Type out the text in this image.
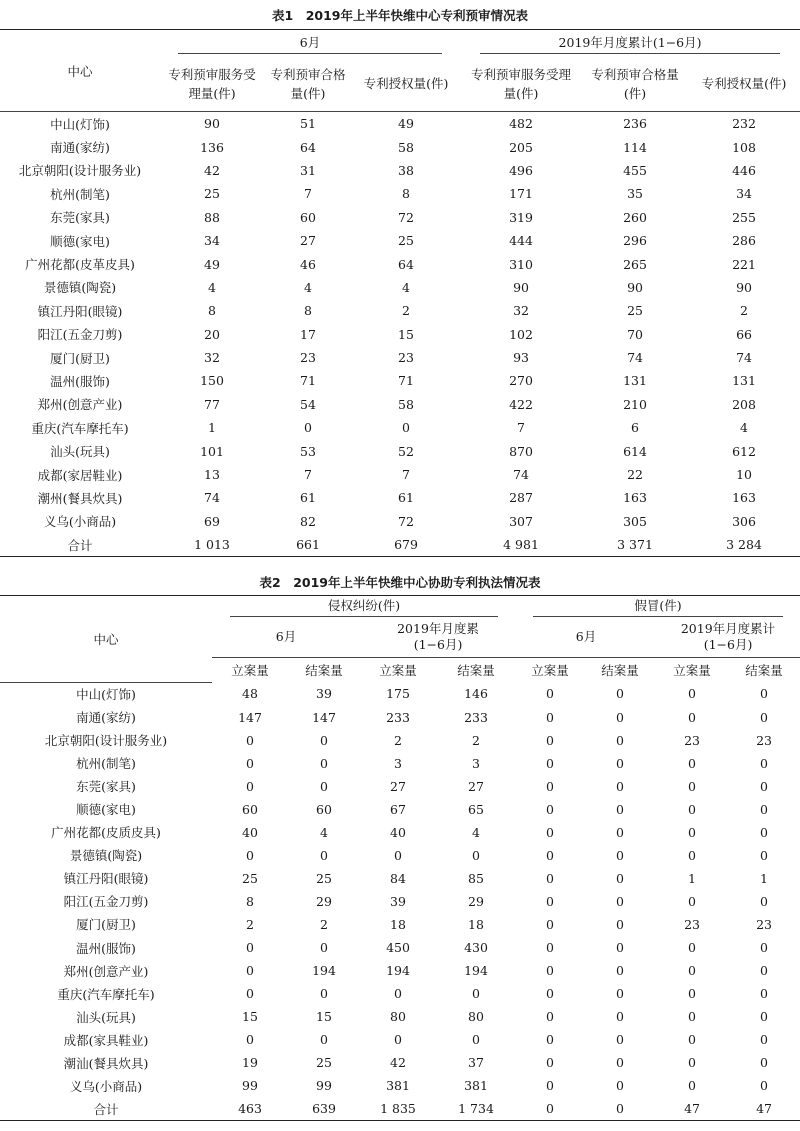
表1　2019年上半年快维中心专利预审情况表
中心	6月			2019年月度累计(1−6月)		
	专利预审服务受理量(件)	专利预审合格量(件)	专利授权量(件)	专利预审服务受理量(件)	专利预审合格量(件)	专利授权量(件)
中山(灯饰)	90	51	49	482	236	232
南通(家纺)	136	64	58	205	114	108
北京朝阳(设计服务业)	42	31	38	496	455	446
杭州(制笔)	25	7	8	171	35	34
东莞(家具)	88	60	72	319	260	255
顺德(家电)	34	27	25	444	296	286
广州花都(皮革皮具)	49	46	64	310	265	221
景德镇(陶瓷)	4	4	4	90	90	90
镇江丹阳(眼镜)	8	8	2	32	25	2
阳江(五金刀剪)	20	17	15	102	70	66
厦门(厨卫)	32	23	23	93	74	74
温州(服饰)	150	71	71	270	131	131
郑州(创意产业)	77	54	58	422	210	208
重庆(汽车摩托车)	1	0	0	7	6	4
汕头(玩具)	101	53	52	870	614	612
成都(家居鞋业)	13	7	7	74	22	10
潮州(餐具炊具)	74	61	61	287	163	163
义乌(小商品)	69	82	72	307	305	306
合计	1 013	661	679	4 981	3 371	3 284
表2　2019年上半年快维中心协助专利执法情况表
中心	侵权纠纷(件)				假冒(件)			
	6月		2019年月度累(1−6月)		6月		2019年月度累计(1−6月)	
	立案量	结案量	立案量	结案量	立案量	结案量	立案量	结案量
中山(灯饰)	48	39	175	146	0	0	0	0
南通(家纺)	147	147	233	233	0	0	0	0
北京朝阳(设计服务业)	0	0	2	2	0	0	23	23
杭州(制笔)	0	0	3	3	0	0	0	0
东莞(家具)	0	0	27	27	0	0	0	0
顺德(家电)	60	60	67	65	0	0	0	0
广州花都(皮质皮具)	40	4	40	4	0	0	0	0
景德镇(陶瓷)	0	0	0	0	0	0	0	0
镇江丹阳(眼镜)	25	25	84	85	0	0	1	1
阳江(五金刀剪)	8	29	39	29	0	0	0	0
厦门(厨卫)	2	2	18	18	0	0	23	23
温州(服饰)	0	0	450	430	0	0	0	0
郑州(创意产业)	0	194	194	194	0	0	0	0
重庆(汽车摩托车)	0	0	0	0	0	0	0	0
汕头(玩具)	15	15	80	80	0	0	0	0
成都(家具鞋业)	0	0	0	0	0	0	0	0
潮汕(餐具炊具)	19	25	42	37	0	0	0	0
义乌(小商品)	99	99	381	381	0	0	0	0
合计	463	639	1 835	1 734	0	0	47	47
